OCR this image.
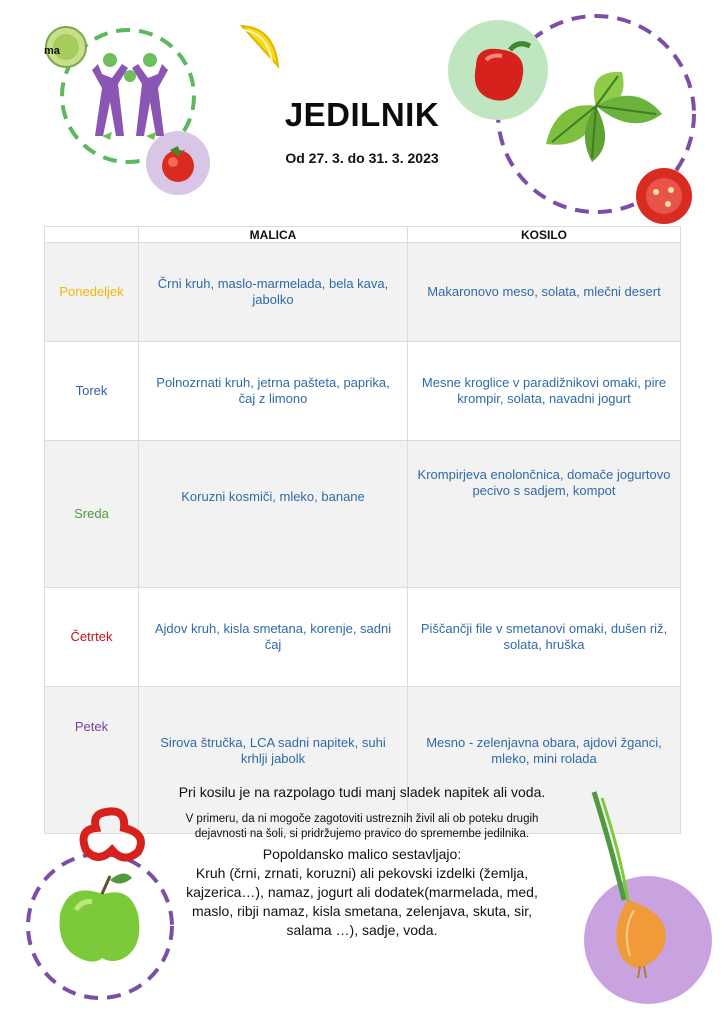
ma
JEDILNIK
Od 27. 3. do 31. 3. 2023
	MALICA	KOSILO
Ponedeljek	Črni kruh, maslo-marmelada, bela kava, jabolko	Makaronovo meso, solata, mlečni desert
Torek	Polnozrnati kruh, jetrna pašteta, paprika, čaj z limono	Mesne kroglice v paradižnikovi omaki, pire krompir, solata, navadni jogurt
Sreda	Koruzni kosmiči, mleko, banane	Krompirjeva enolončnica, domače jogurtovo pecivo s sadjem, kompot
Četrtek	Ajdov kruh, kisla smetana, korenje, sadni čaj	Piščančji file v smetanovi omaki, dušen riž, solata, hruška
Petek	Sirova štručka, LCA sadni napitek, suhi krhlji jabolk	Mesno - zelenjavna obara, ajdovi žganci, mleko, mini rolada
Pri kosilu je na razpolago tudi manj sladek napitek ali voda.
V primeru, da ni mogoče zagotoviti ustreznih živil ali ob poteku drugih dejavnosti na šoli, si pridržujemo pravico do spremembe jedilnika.
Popoldansko malico sestavljajo:
Kruh (črni, zrnati, koruzni) ali pekovski izdelki (žemlja, kajzerica…), namaz, jogurt ali dodatek(marmelada, med, maslo, ribji namaz, kisla smetana, zelenjava, skuta, sir, salama …), sadje, voda.
